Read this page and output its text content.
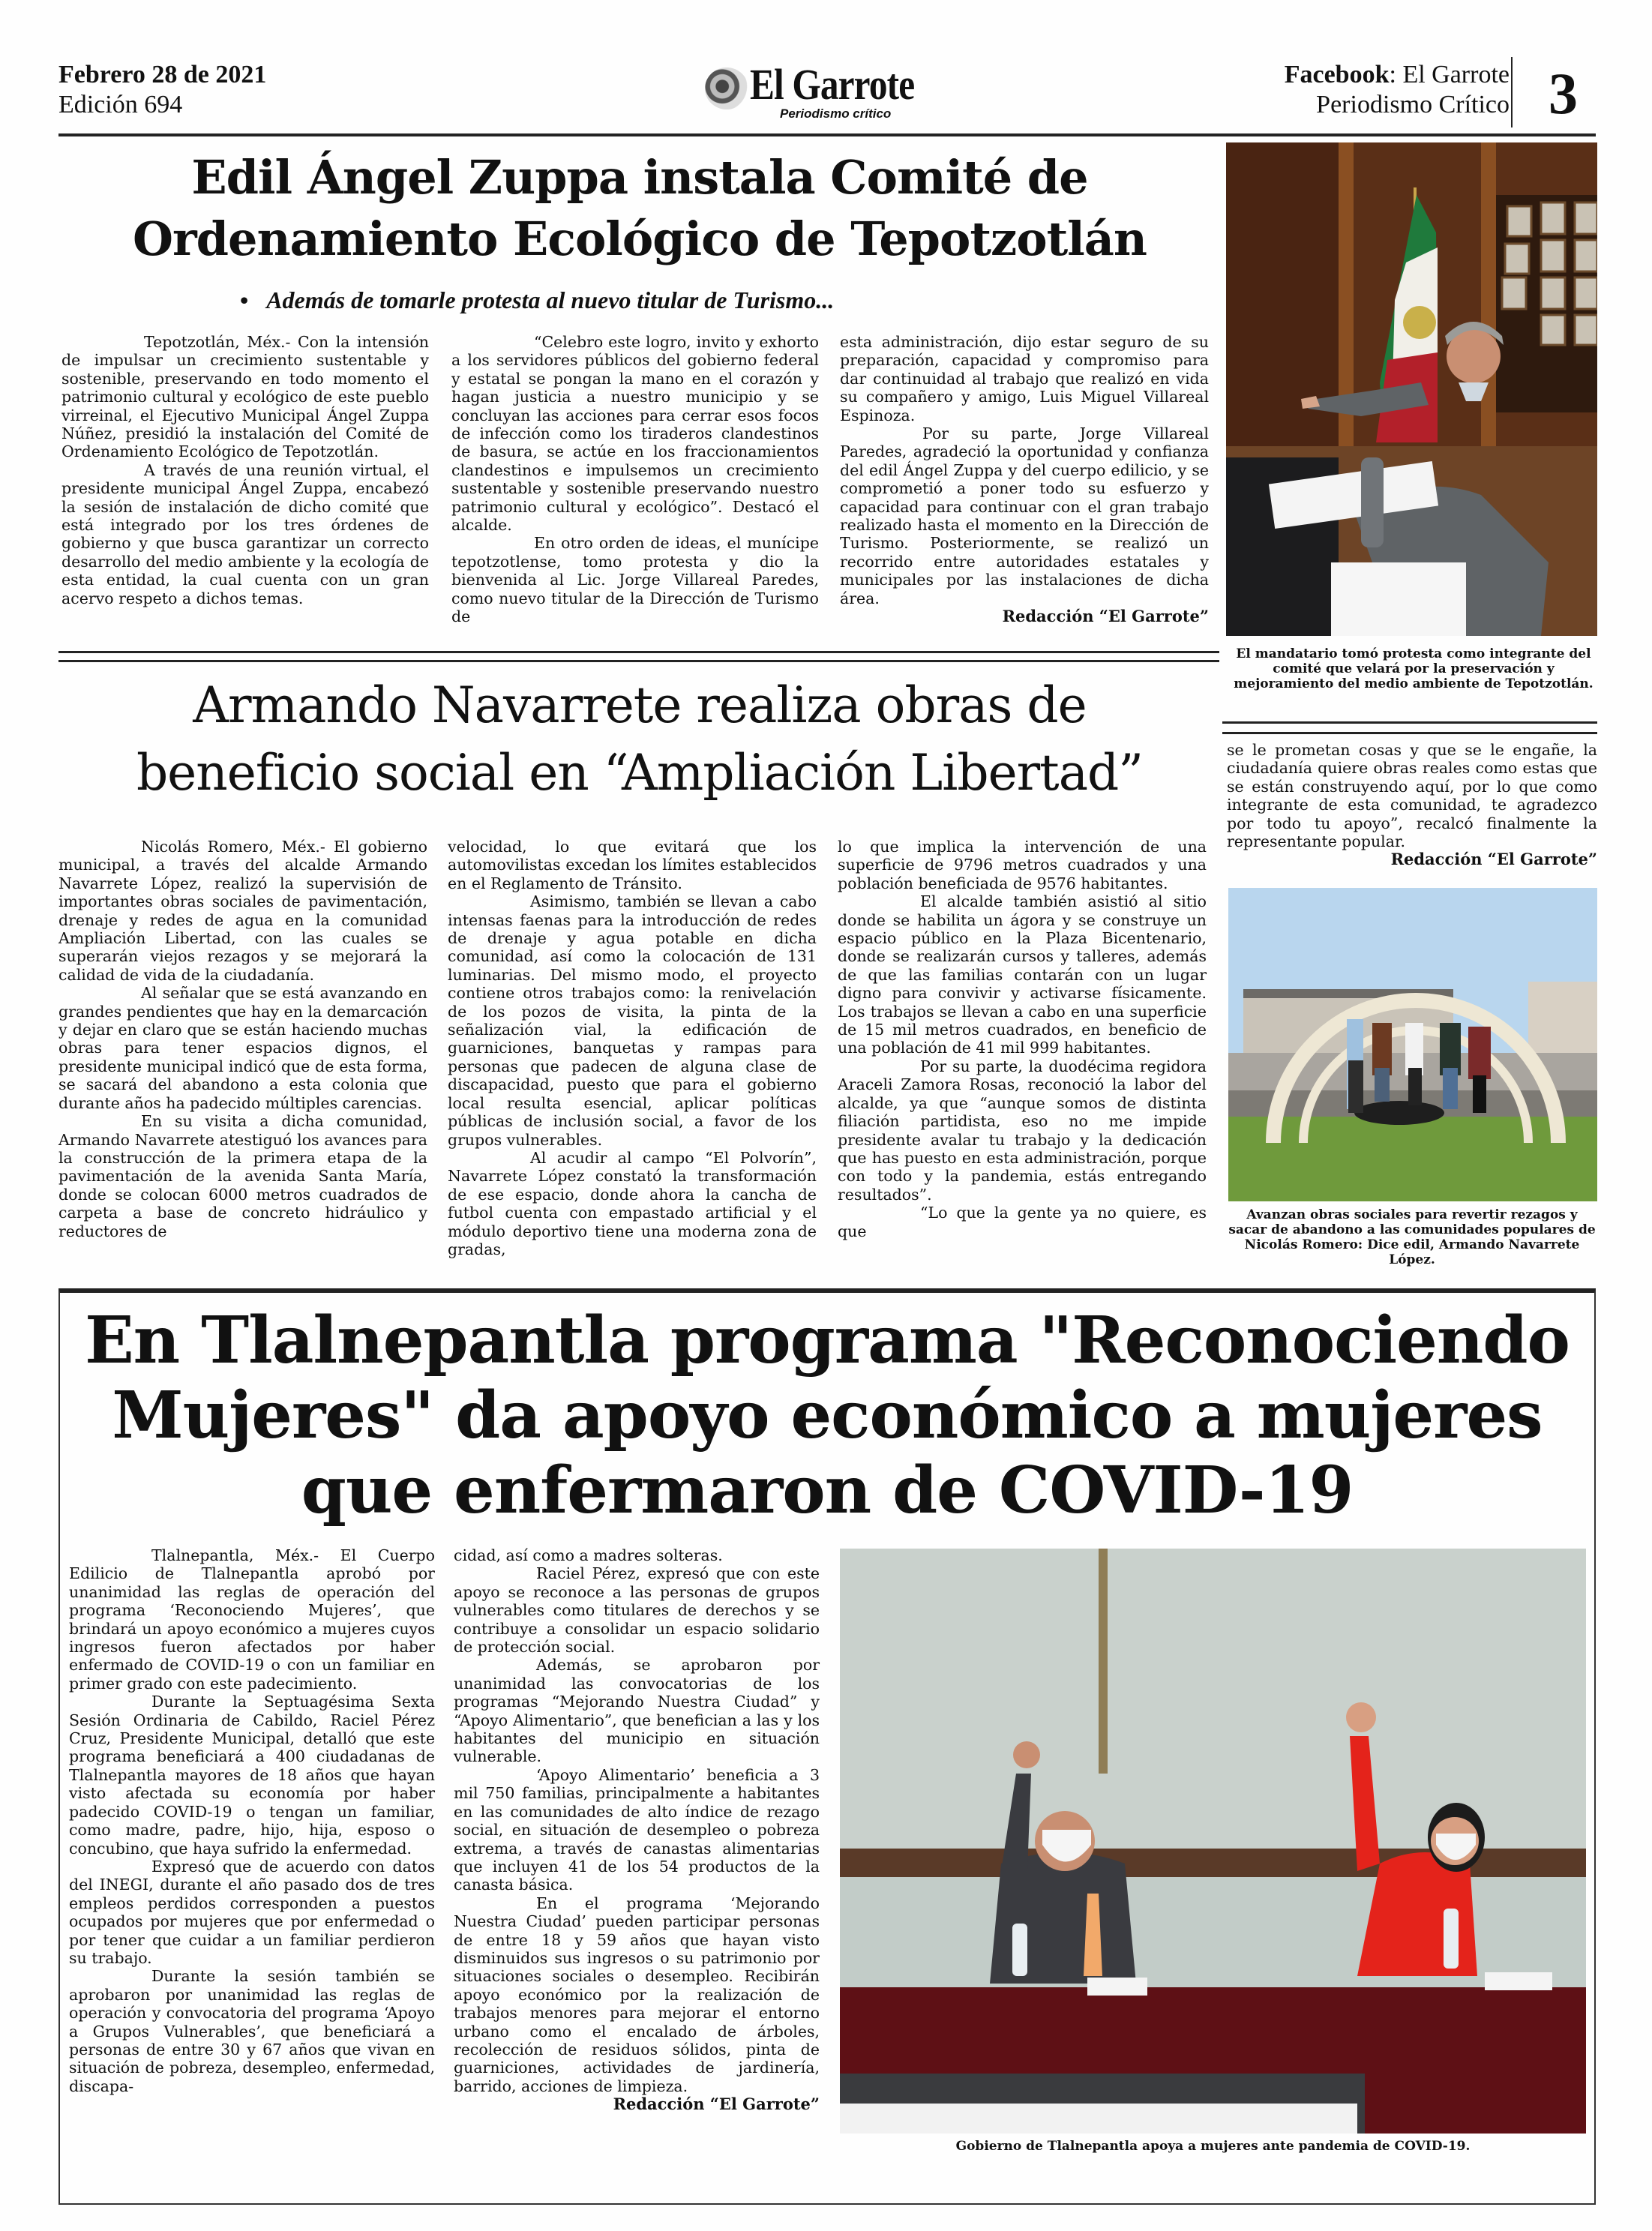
Febrero 28 de 2021
Edición 694	El Garrote
Periodismo crítico
Facebook: El Garrote
Periodismo Crítico 3
Edil Ángel Zuppa instala Comité de
Ordenamiento Ecológico de Tepotzotlán
• Además de tomarle protesta al nuevo titular de Turismo...

Tepotzotlán, Méx.- Con la intensión de impulsar un crecimiento sustentable y sostenible, preservando en todo momento el patrimonio cultural y ecológico de este pueblo virreinal, el Ejecutivo Municipal Ángel Zuppa Núñez, presidió la instalación del Comité de Ordenamiento Ecológico de Tepotzotlán.

A través de una reunión virtual, el presidente municipal Ángel Zuppa, encabezó la sesión de instalación de dicho comité que está integrado por los tres órdenes de gobierno y que busca garantizar un correcto desarrollo del medio ambiente y la ecología de esta entidad, la cual cuenta con un gran acervo respeto a dichos temas.

“Celebro este logro, invito y exhorto a los servidores públicos del gobierno federal y estatal se pongan la mano en el corazón y hagan justicia a nuestro municipio y se concluyan las acciones para cerrar esos focos de infección como los tiraderos clandestinos de basura, se actúe en los fraccionamientos clandestinos e impulsemos un crecimiento sustentable y sostenible preservando nuestro patrimonio cultural y ecológico”. Destacó el alcalde.

En otro orden de ideas, el munícipe tepotzotlense, tomo protesta y dio la bienvenida al Lic. Jorge Villareal Paredes, como nuevo titular de la Dirección de Turismo de

esta administración, dijo estar seguro de su preparación, capacidad y compromiso para dar continuidad al trabajo que realizó en vida su compañero y amigo, Luis Miguel Villareal Espinoza.

Por su parte, Jorge Villareal Paredes, agradeció la oportunidad y confianza del edil Ángel Zuppa y del cuerpo edilicio, y se comprometió a poner todo su esfuerzo y capacidad para continuar con el gran trabajo realizado hasta el momento en la Dirección de Turismo. Posteriormente, se realizó un recorrido entre autoridades estatales y municipales por las instalaciones de dicha área.

Redacción “El Garrote”
El mandatario tomó protesta como integrante del comité que velará por la preservación y mejoramiento del medio ambiente de Tepotzotlán.
Armando Navarrete realiza obras de
beneficio social en “Ampliación Libertad”

Nicolás Romero, Méx.- El gobierno municipal, a través del alcalde Armando Navarrete López, realizó la supervisión de importantes obras sociales de pavimentación, drenaje y redes de agua en la comunidad Ampliación Libertad, con las cuales se superarán viejos rezagos y se mejorará la calidad de vida de la ciudadanía.

Al señalar que se está avanzando en grandes pendientes que hay en la demarcación y dejar en claro que se están haciendo muchas obras para tener espacios dignos, el presidente municipal indicó que de esta forma, se sacará del abandono a esta colonia que durante años ha padecido múltiples carencias.

En su visita a dicha comunidad, Armando Navarrete atestiguó los avances para la construcción de la primera etapa de la pavimentación de la avenida Santa María, donde se colocan 6000 metros cuadrados de carpeta a base de concreto hidráulico y reductores de

velocidad, lo que evitará que los automovilistas excedan los límites establecidos en el Reglamento de Tránsito.

Asimismo, también se llevan a cabo intensas faenas para la introducción de redes de drenaje y agua potable en dicha comunidad, así como la colocación de 131 luminarias. Del mismo modo, el proyecto contiene otros trabajos como: la renivelación de los pozos de visita, la pinta de la señalización vial, la edificación de guarniciones, banquetas y rampas para personas que padecen de alguna clase de discapacidad, puesto que para el gobierno local resulta esencial, aplicar políticas públicas de inclusión social, a favor de los grupos vulnerables.

Al acudir al campo “El Polvorín”, Navarrete López constató la transformación de ese espacio, donde ahora la cancha de futbol cuenta con empastado artificial y el módulo deportivo tiene una moderna zona de gradas,

lo que implica la intervención de una superficie de 9796 metros cuadrados y una población beneficiada de 9576 habitantes.

El alcalde también asistió al sitio donde se habilita un ágora y se construye un espacio público en la Plaza Bicentenario, donde se realizarán cursos y talleres, además de que las familias contarán con un lugar digno para convivir y activarse físicamente. Los trabajos se llevan a cabo en una superficie de 15 mil metros cuadrados, en beneficio de una población de 41 mil 999 habitantes.

Por su parte, la duodécima regidora Araceli Zamora Rosas, reconoció la labor del alcalde, ya que “aunque somos de distinta filiación partidista, eso no me impide presidente avalar tu trabajo y la dedicación que has puesto en esta administración, porque con todo y la pandemia, estás entregando resultados”.

“Lo que la gente ya no quiere, es que

se le prometan cosas y que se le engañe, la ciudadanía quiere obras reales como estas que se están construyendo aquí, por lo que como integrante de esta comunidad, te agradezco por todo tu apoyo”, recalcó finalmente la representante popular.

Redacción “El Garrote”
Avanzan obras sociales para revertir rezagos y sacar de abandono a las comunidades populares de Nicolás Romero: Dice edil, Armando Navarrete López.
En Tlalnepantla programa "Reconociendo
Mujeres" da apoyo económico a mujeres
que enfermaron de COVID-19

Tlalnepantla, Méx.- El Cuerpo Edilicio de Tlalnepantla aprobó por unanimidad las reglas de operación del programa ‘Reconociendo Mujeres’, que brindará un apoyo económico a mujeres cuyos ingresos fueron afectados por haber enfermado de COVID-19 o con un familiar en primer grado con este padecimiento.

Durante la Septuagésima Sexta Sesión Ordinaria de Cabildo, Raciel Pérez Cruz, Presidente Municipal, detalló que este programa beneficiará a 400 ciudadanas de Tlalnepantla mayores de 18 años que hayan visto afectada su economía por haber padecido COVID-19 o tengan un familiar, como madre, padre, hijo, hija, esposo o concubino, que haya sufrido la enfermedad.

Expresó que de acuerdo con datos del INEGI, durante el año pasado dos de tres empleos perdidos corresponden a puestos ocupados por mujeres que por enfermedad o por tener que cuidar a un familiar perdieron su trabajo.

Durante la sesión también se aprobaron por unanimidad las reglas de operación y convocatoria del programa ‘Apoyo a Grupos Vulnerables’, que beneficiará a personas de entre 30 y 67 años que vivan en situación de pobreza, desempleo, enfermedad, discapa-

cidad, así como a madres solteras.

Raciel Pérez, expresó que con este apoyo se reconoce a las personas de grupos vulnerables como titulares de derechos y se contribuye a consolidar un espacio solidario de protección social.

Además, se aprobaron por unanimidad las convocatorias de los programas “Mejorando Nuestra Ciudad” y “Apoyo Alimentario”, que benefician a las y los habitantes del municipio en situación vulnerable.

‘Apoyo Alimentario’ beneficia a 3 mil 750 familias, principalmente a habitantes en las comunidades de alto índice de rezago social, en situación de desempleo o pobreza extrema, a través de canastas alimentarias que incluyen 41 de los 54 productos de la canasta básica.

En el programa ‘Mejorando Nuestra Ciudad’ pueden participar personas de entre 18 y 59 años que hayan visto disminuidos sus ingresos o su patrimonio por situaciones sociales o desempleo. Recibirán apoyo económico por la realización de trabajos menores para mejorar el entorno urbano como el encalado de árboles, recolección de residuos sólidos, pinta de guarniciones, actividades de jardinería, barrido, acciones de limpieza.

Redacción “El Garrote”
Gobierno de Tlalnepantla apoya a mujeres ante pandemia de COVID-19.
